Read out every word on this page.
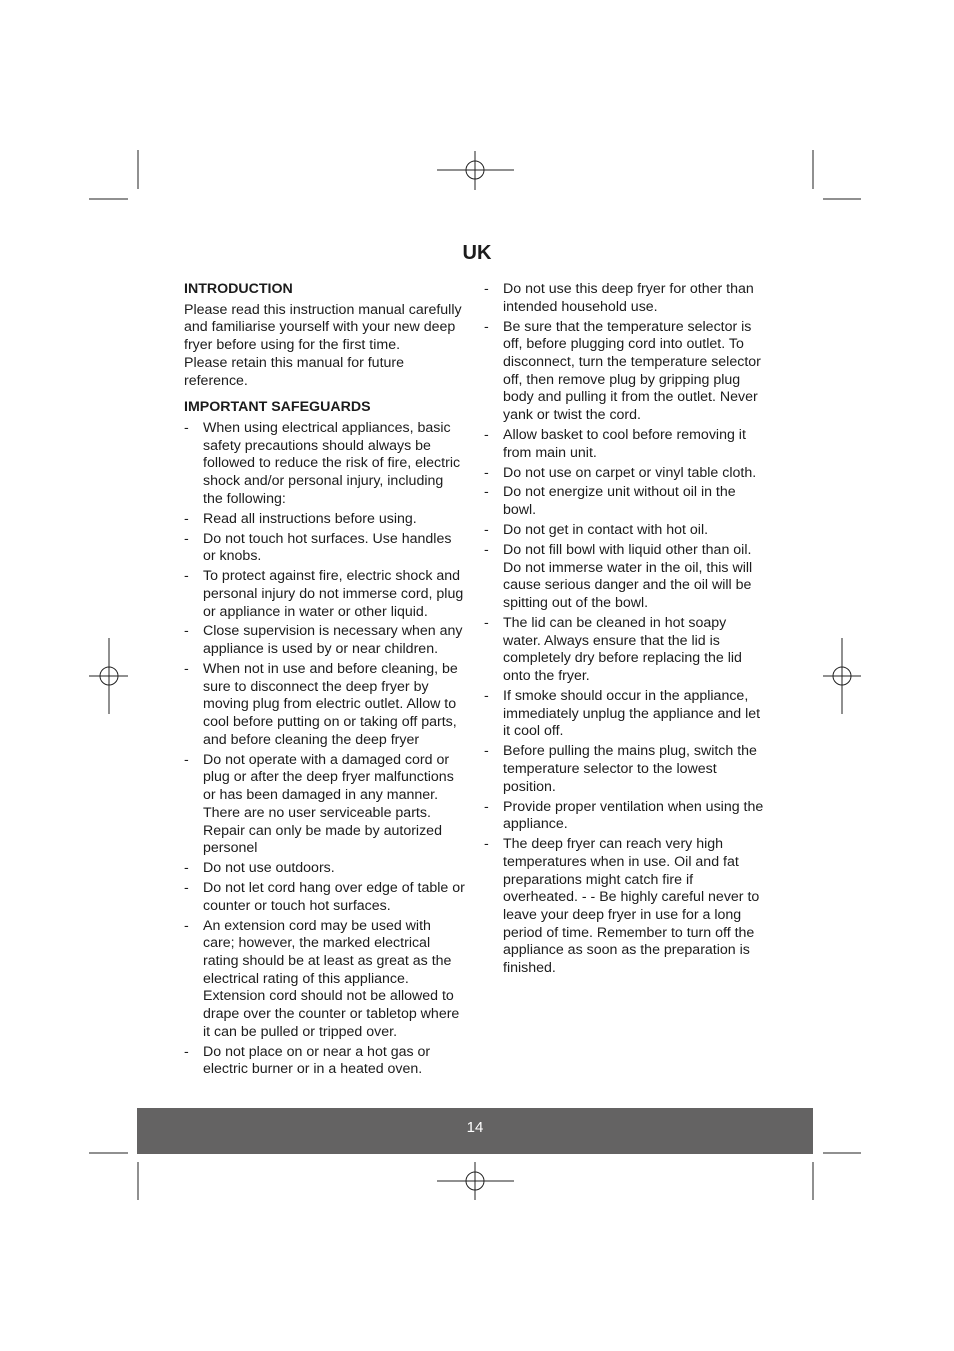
UK
INTRODUCTION

Please read this instruction manual carefully and familiarise yourself with your new deep fryer before using for the first time.

Please retain this manual for future reference.

IMPORTANT SAFEGUARDS
-	When using electrical appliances, basic safety precautions should always be followed to reduce the risk of fire, electric shock and/or personal injury, including the following:
-	Read all instructions before using.
-	Do not touch hot surfaces. Use handles or knobs.
-	To protect against fire, electric shock and personal injury do not immerse cord, plug or appliance in water or other liquid.
-	Close supervision is necessary when any appliance is used by or near children.
-	When not in use and before cleaning, be sure to disconnect the deep fryer by moving plug from electric outlet. Allow to cool before putting on or taking off parts, and before cleaning the deep fryer
-	Do not operate with a damaged cord or plug or after the deep fryer malfunctions or has been damaged in any manner. There are no user serviceable parts. Repair can only be made by autorized personel
-	Do not use outdoors.
-	Do not let cord hang over edge of table or counter or touch hot surfaces.
-	An extension cord may be used with care; however, the marked electrical rating should be at least as great as the electrical rating of this appliance. Extension cord should not be allowed to drape over the counter or tabletop where it can be pulled or tripped over.
-	Do not place on or near a hot gas or electric burner or in a heated oven.
-	Do not use this deep fryer for other than intended household use.
-	Be sure that the temperature selector is off, before plugging cord into outlet. To disconnect, turn the temperature selector off, then remove plug by gripping plug body and pulling it from the outlet. Never yank or twist the cord.
-	Allow basket to cool before removing it from main unit.
-	Do not use on carpet or vinyl table cloth.
-	Do not energize unit without oil in the bowl.
-	Do not get in contact with hot oil.
-	Do not fill bowl with liquid other than oil. Do not immerse water in the oil, this will cause serious danger and the oil will be spitting out of the bowl.
-	The lid can be cleaned in hot soapy water. Always ensure that the lid is completely dry before replacing the lid onto the fryer.
-	If smoke should occur in the appliance, immediately unplug the appliance and let it cool off.
-	Before pulling the mains plug, switch the temperature selector to the lowest position.
-	Provide proper ventilation when using the appliance.
-	The deep fryer can reach very high temperatures when in use. Oil and fat preparations might catch fire if overheated. - - Be highly careful never to leave your deep fryer in use for a long period of time. Remember to turn off the appliance as soon as the preparation is finished.
14
